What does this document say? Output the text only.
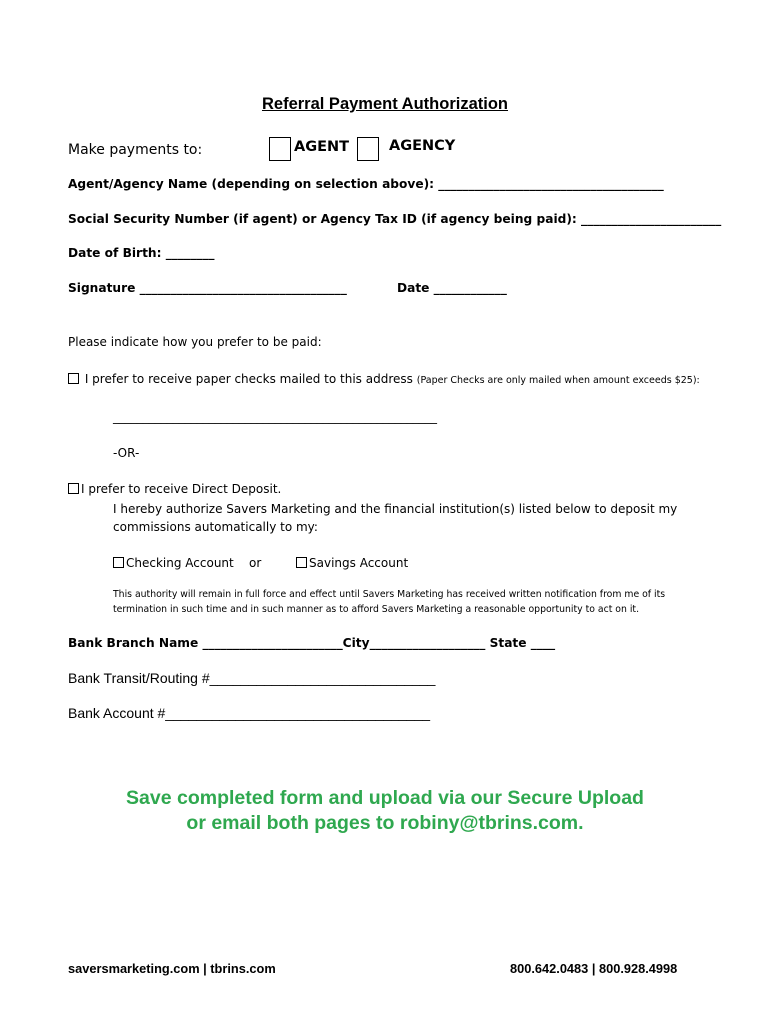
Referral Payment Authorization
Make payments to:	AGENT	AGENCY
Agent/Agency Name (depending on selection above): _____________________________________
Social Security Number (if agent) or Agency Tax ID (if agency being paid): _______________________
Date of Birth: ________
Signature __________________________________	Date ____________
Please indicate how you prefer to be paid:
I prefer to receive paper checks mailed to this address (Paper Checks are only mailed when amount exceeds $25):
______________________________________________________
-OR-
I prefer to receive Direct Deposit.
I hereby authorize Savers Marketing and the financial institution(s) listed below to deposit my
commissions automatically to my:
Checking Account or	Savings Account
This authority will remain in full force and effect until Savers Marketing has received written notification from me of its
termination in such time and in such manner as to afford Savers Marketing a reasonable opportunity to act on it.
Bank Branch Name _______________________City___________________ State ____
Bank Transit/Routing #_____________________________
Bank Account #__________________________________
Save completed form and upload via our Secure Upload
or email both pages to robiny@tbrins.com.
saversmarketing.com | tbrins.com	800.642.0483 | 800.928.4998
